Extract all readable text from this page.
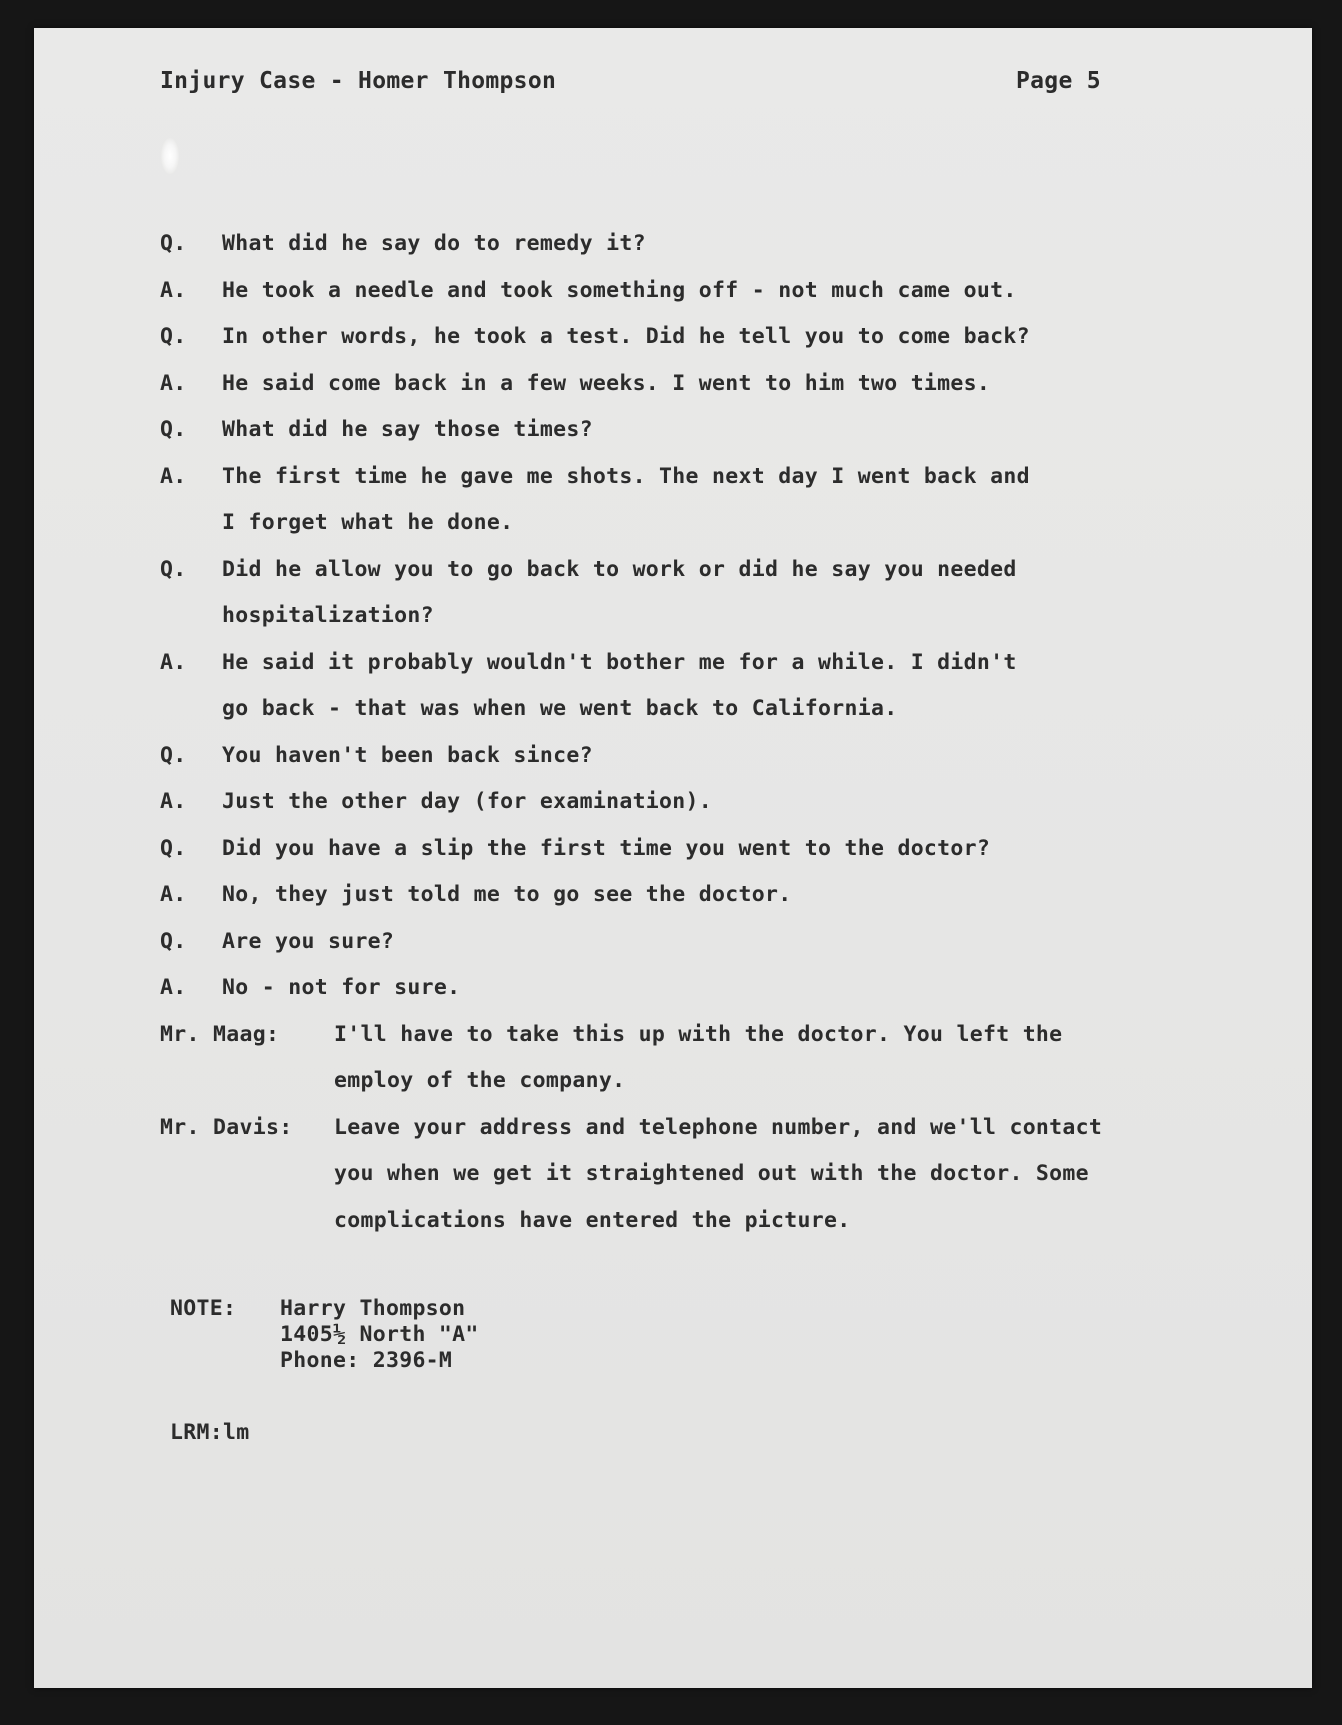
Injury Case - Homer Thompson	Page 5
Q.	What did he say do to remedy it?
A.	He took a needle and took something off - not much came out.
Q.	In other words, he took a test. Did he tell you to come back?
A.	He said come back in a few weeks. I went to him two times.
Q.	What did he say those times?
A.	The first time he gave me shots. The next day I went back and
I forget what he done.
Q.	Did he allow you to go back to work or did he say you needed
hospitalization?
A.	He said it probably wouldn't bother me for a while. I didn't
go back - that was when we went back to California.
Q.	You haven't been back since?
A.	Just the other day (for examination).
Q.	Did you have a slip the first time you went to the doctor?
A.	No, they just told me to go see the doctor.
Q.	Are you sure?
A.	No - not for sure.
Mr. Maag:	I'll have to take this up with the doctor. You left the
employ of the company.
Mr. Davis:	Leave your address and telephone number, and we'll contact
you when we get it straightened out with the doctor. Some
complications have entered the picture.
NOTE:	Harry Thompson
1405½ North "A"
Phone: 2396-M
LRM:lm
